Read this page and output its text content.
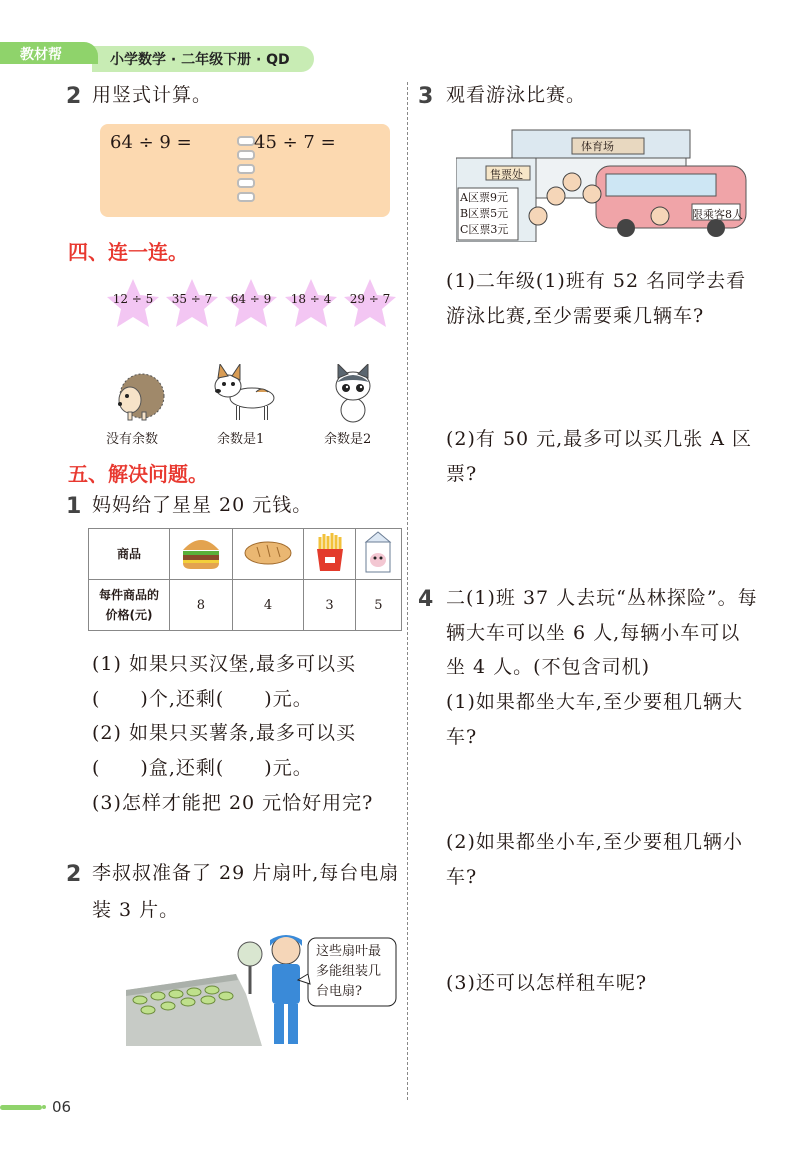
教材帮	小学数学 · 二年级下册 · QD
2 用竖式计算。
64 ÷ 9 =	45 ÷ 7 =
四、连一连。
12 ÷ 5	35 ÷ 7	64 ÷ 9	18 ÷ 4	29 ÷ 7
没有余数	余数是1	余数是2
五、解决问题。
1 妈妈给了星星 20 元钱。
商品				

每件商品的
价格(元)	8	4	3	5
(1) 如果只买汉堡,最多可以买
(　　)个,还剩(　　)元。
(2) 如果只买薯条,最多可以买
(　　)盒,还剩(　　)元。
(3)怎样才能把 20 元恰好用完?
2 李叔叔准备了 29 片扇叶,每台电扇
装 3 片。
这些扇叶最
多能组装几
台电扇?
3 观看游泳比赛。
体育场
售票处
A区票9元
B区票5元
C区票3元
限乘客8人
(1)二年级(1)班有 52 名同学去看
游泳比赛,至少需要乘几辆车?
(2)有 50 元,最多可以买几张 A 区
票?
4 二(1)班 37 人去玩“丛林探险”。每
辆大车可以坐 6 人,每辆小车可以
坐 4 人。(不包含司机)
(1)如果都坐大车,至少要租几辆大
车?
(2)如果都坐小车,至少要租几辆小
车?
(3)还可以怎样租车呢?
06
